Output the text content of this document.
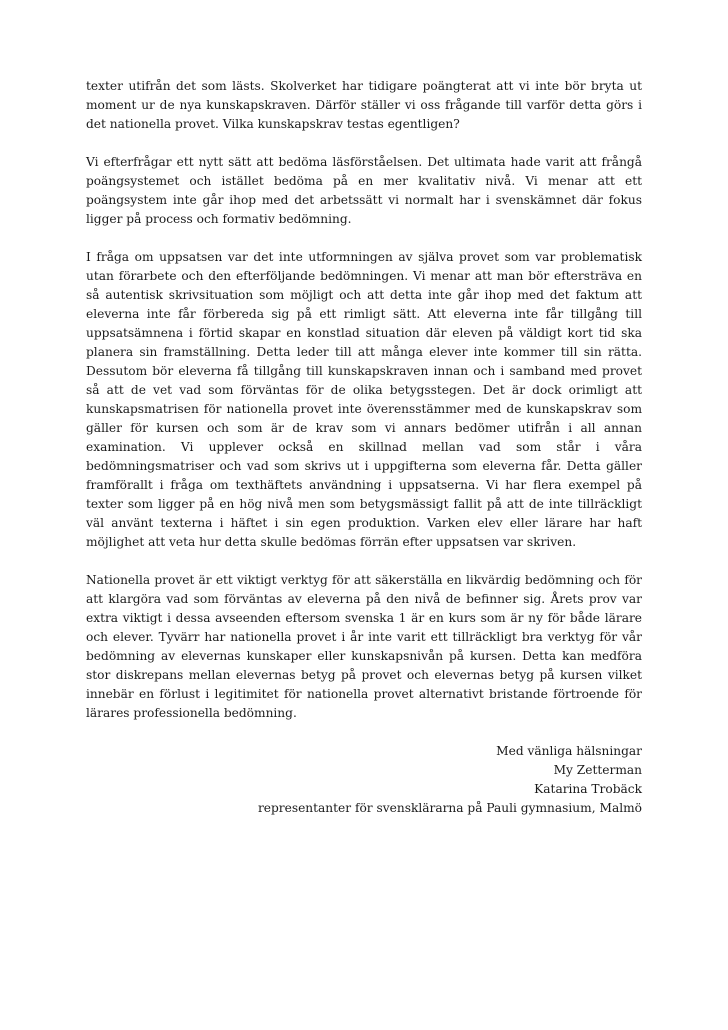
texter utifrån det som lästs. Skolverket har tidigare poängterat att vi inte bör bryta ut moment ur de nya kunskapskraven. Därför ställer vi oss frågande till varför detta görs i det nationella provet. Vilka kunskapskrav testas egentligen?

Vi efterfrågar ett nytt sätt att bedöma läsförståelsen. Det ultimata hade varit att frångå poängsystemet och istället bedöma på en mer kvalitativ nivå. Vi menar att ett poängsystem inte går ihop med det arbetssätt vi normalt har i svenskämnet där fokus ligger på process och formativ bedömning.

I fråga om uppsatsen var det inte utformningen av själva provet som var problematisk utan förarbete och den efterföljande bedömningen. Vi menar att man bör eftersträva en så autentisk skrivsituation som möjligt och att detta inte går ihop med det faktum att eleverna inte får förbereda sig på ett rimligt sätt. Att eleverna inte får tillgång till uppsatsämnena i förtid skapar en konstlad situation där eleven på väldigt kort tid ska planera sin framställning. Detta leder till att många elever inte kommer till sin rätta. Dessutom bör eleverna få tillgång till kunskapskraven innan och i samband med provet så att de vet vad som förväntas för de olika betygsstegen. Det är dock orimligt att kunskapsmatrisen för nationella provet inte överensstämmer med de kunskapskrav som gäller för kursen och som är de krav som vi annars bedömer utifrån i all annan examination. Vi upplever också en skillnad mellan vad som står i våra bedömningsmatriser och vad som skrivs ut i uppgifterna som eleverna får. Detta gäller framförallt i fråga om texthäftets användning i uppsatserna. Vi har flera exempel på texter som ligger på en hög nivå men som betygsmässigt fallit på att de inte tillräckligt väl använt texterna i häftet i sin egen produktion. Varken elev eller lärare har haft möjlighet att veta hur detta skulle bedömas förrän efter uppsatsen var skriven.

Nationella provet är ett viktigt verktyg för att säkerställa en likvärdig bedömning och för att klargöra vad som förväntas av eleverna på den nivå de befinner sig. Årets prov var extra viktigt i dessa avseenden eftersom svenska 1 är en kurs som är ny för både lärare och elever. Tyvärr har nationella provet i år inte varit ett tillräckligt bra verktyg för vår bedömning av elevernas kunskaper eller kunskapsnivån på kursen. Detta kan medföra stor diskrepans mellan elevernas betyg på provet och elevernas betyg på kursen vilket innebär en förlust i legitimitet för nationella provet alternativt bristande förtroende för lärares professionella bedömning.

Med vänliga hälsningar
My Zetterman
Katarina Trobäck
representanter för svensklärarna på Pauli gymnasium, Malmö
